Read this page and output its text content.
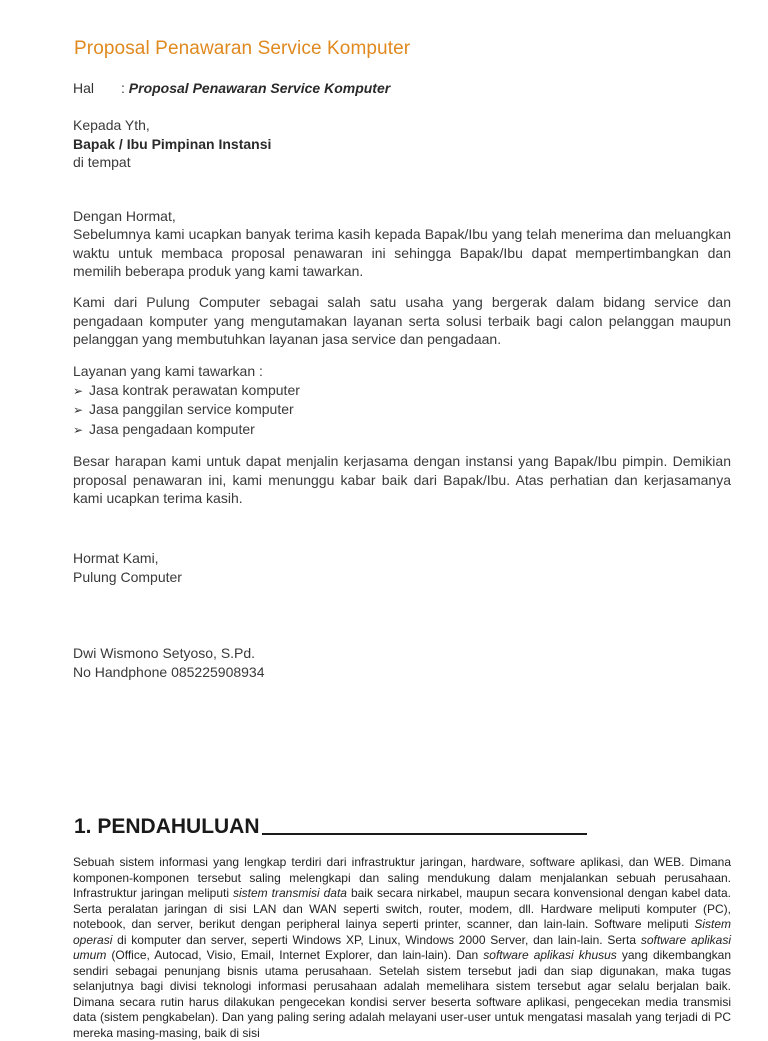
Proposal Penawaran Service Komputer
Hal : Proposal Penawaran Service Komputer
Kepada Yth,
Bapak / Ibu Pimpinan Instansi
di tempat
Dengan Hormat,
Sebelumnya kami ucapkan banyak terima kasih kepada Bapak/Ibu yang telah menerima dan meluangkan waktu untuk membaca proposal penawaran ini sehingga Bapak/Ibu dapat mempertimbangkan dan memilih beberapa produk yang kami tawarkan.
Kami dari Pulung Computer sebagai salah satu usaha yang bergerak dalam bidang service dan pengadaan komputer yang mengutamakan layanan serta solusi terbaik bagi calon pelanggan maupun pelanggan yang membutuhkan layanan jasa service dan pengadaan.
Layanan yang kami tawarkan :
➢ Jasa kontrak perawatan komputer
➢ Jasa panggilan service komputer
➢ Jasa pengadaan komputer
Besar harapan kami untuk dapat menjalin kerjasama dengan instansi yang Bapak/Ibu pimpin. Demikian proposal penawaran ini, kami menunggu kabar baik dari Bapak/Ibu. Atas perhatian dan kerjasamanya kami ucapkan terima kasih.
Hormat Kami,
Pulung Computer
Dwi Wismono Setyoso, S.Pd.
No Handphone 085225908934
1. PENDAHULUAN

Sebuah sistem informasi yang lengkap terdiri dari infrastruktur jaringan, hardware, software aplikasi, dan WEB. Dimana komponen-komponen tersebut saling melengkapi dan saling mendukung dalam menjalankan sebuah perusahaan. Infrastruktur jaringan meliputi sistem transmisi data baik secara nirkabel, maupun secara konvensional dengan kabel data. Serta peralatan jaringan di sisi LAN dan WAN seperti switch, router, modem, dll. Hardware meliputi komputer (PC), notebook, dan server, berikut dengan peripheral lainya seperti printer, scanner, dan lain-lain. Software meliputi Sistem operasi di komputer dan server, seperti Windows XP, Linux, Windows 2000 Server, dan lain-lain. Serta software aplikasi umum (Office, Autocad, Visio, Email, Internet Explorer, dan lain-lain). Dan software aplikasi khusus yang dikembangkan sendiri sebagai penunjang bisnis utama perusahaan. Setelah sistem tersebut jadi dan siap digunakan, maka tugas selanjutnya bagi divisi teknologi informasi perusahaan adalah memelihara sistem tersebut agar selalu berjalan baik. Dimana secara rutin harus dilakukan pengecekan kondisi server beserta software aplikasi, pengecekan media transmisi data (sistem pengkabelan). Dan yang paling sering adalah melayani user-user untuk mengatasi masalah yang terjadi di PC mereka masing-masing, baik di sisi
